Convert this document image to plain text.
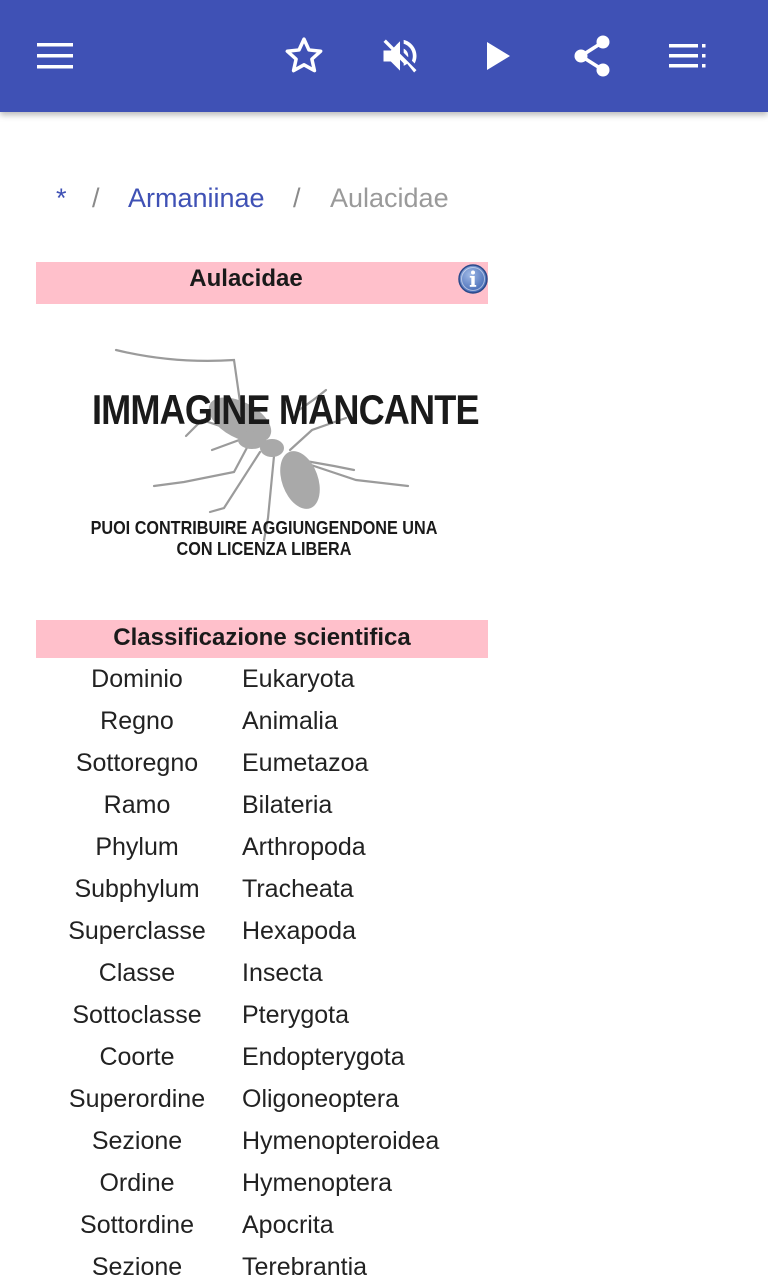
* / Armaniinae / Aulacidae
Aulacidae
IMMAGINE MANCANTE
PUOI CONTRIBUIRE AGGIUNGENDONE UNA
CON LICENZA LIBERA
Classificazione scientifica
Dominio	Eukaryota
Regno	Animalia
Sottoregno	Eumetazoa
Ramo	Bilateria
Phylum	Arthropoda
Subphylum	Tracheata
Superclasse	Hexapoda
Classe	Insecta
Sottoclasse	Pterygota
Coorte	Endopterygota
Superordine	Oligoneoptera
Sezione	Hymenopteroidea
Ordine	Hymenoptera
Sottordine	Apocrita
Sezione	Terebrantia
